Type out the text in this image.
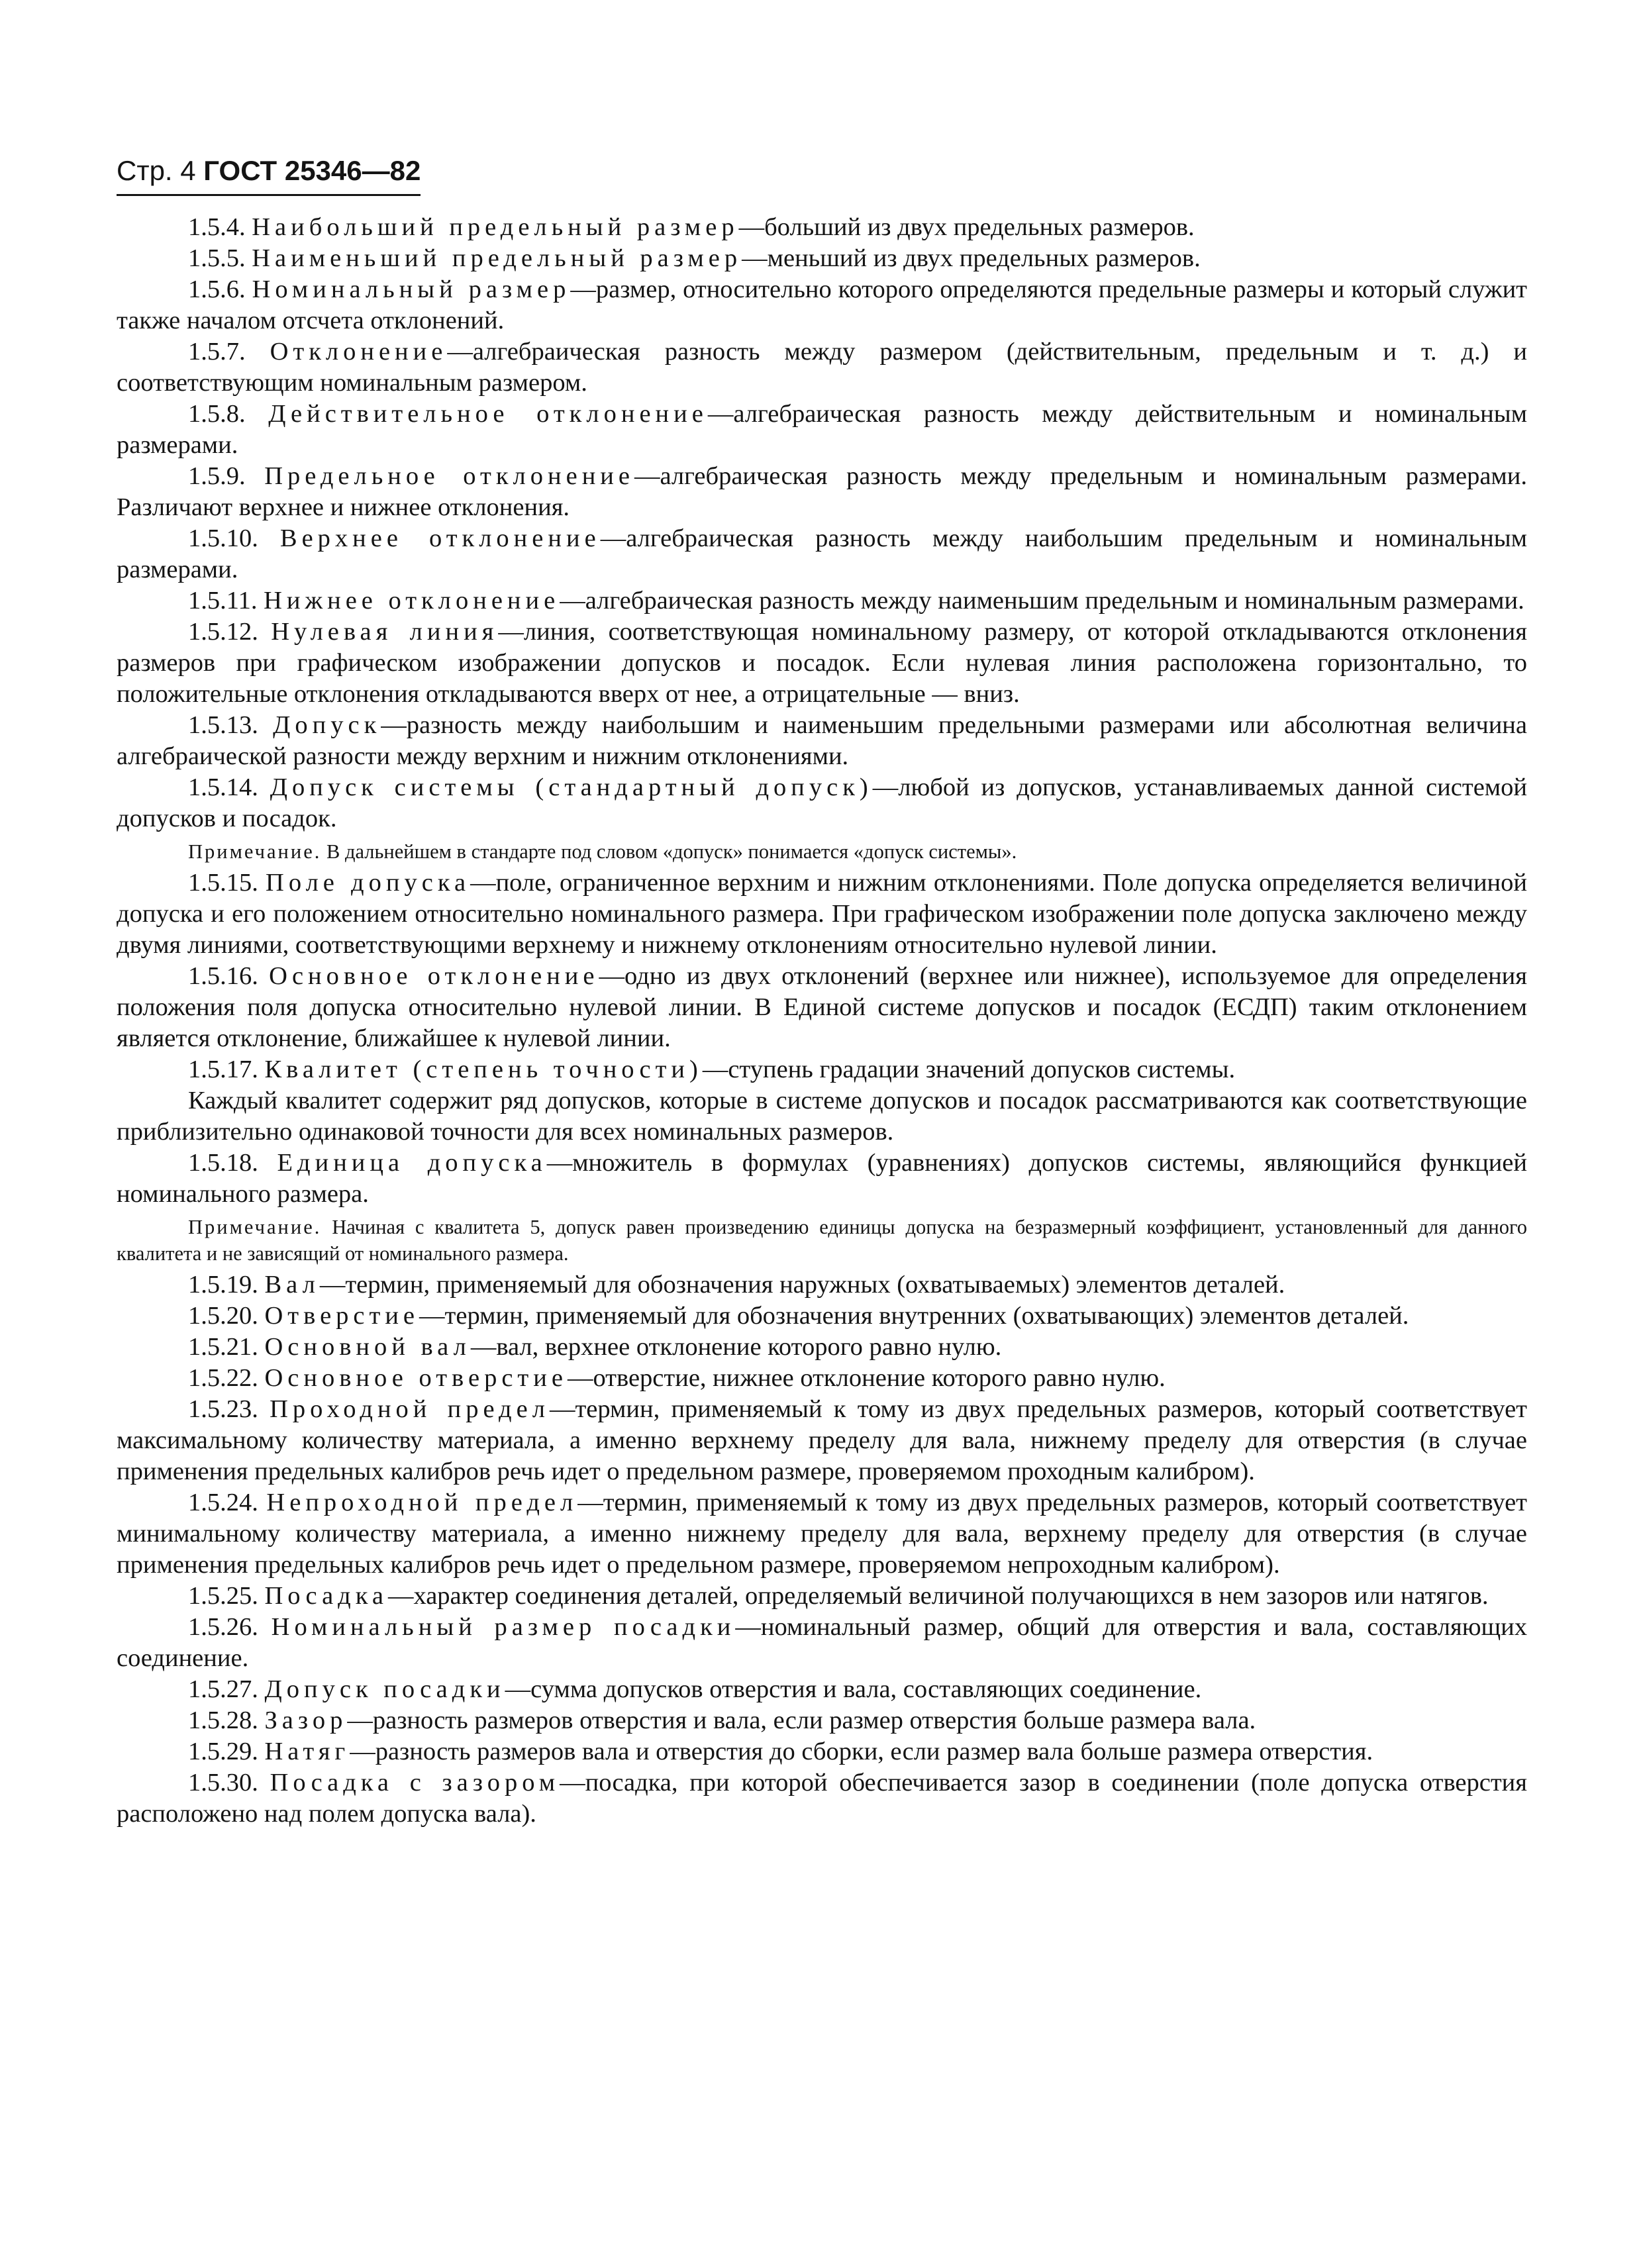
Стр. 4 ГОСТ 25346—82

1.5.4. Наибольший предельный размер—больший из двух предельных размеров.

1.5.5. Наименьший предельный размер—меньший из двух предельных размеров.

1.5.6. Номинальный размер—размер, относительно которого определяются предельные размеры и который служит также началом отсчета отклонений.

1.5.7. Отклонение—алгебраическая разность между размером (действительным, предельным и т. д.) и соответствующим номинальным размером.

1.5.8. Действительное отклонение—алгебраическая разность между действительным и номинальным размерами.

1.5.9. Предельное отклонение—алгебраическая разность между предельным и номинальным размерами. Различают верхнее и нижнее отклонения.

1.5.10. Верхнее отклонение—алгебраическая разность между наибольшим предельным и номинальным размерами.

1.5.11. Нижнее отклонение—алгебраическая разность между наименьшим предельным и номинальным размерами.

1.5.12. Нулевая линия—линия, соответствующая номинальному размеру, от которой откладываются отклонения размеров при графическом изображении допусков и посадок. Если нулевая линия расположена горизонтально, то положительные отклонения откладываются вверх от нее, а отрицательные — вниз.

1.5.13. Допуск—разность между наибольшим и наименьшим предельными размерами или абсолютная величина алгебраической разности между верхним и нижним отклонениями.

1.5.14. Допуск системы (стандартный допуск)—любой из допусков, устанавливаемых данной системой допусков и посадок.

Примечание. В дальнейшем в стандарте под словом «допуск» понимается «допуск системы».

1.5.15. Поле допуска—поле, ограниченное верхним и нижним отклонениями. Поле допуска определяется величиной допуска и его положением относительно номинального размера. При графическом изображении поле допуска заключено между двумя линиями, соответствующими верхнему и нижнему отклонениям относительно нулевой линии.

1.5.16. Основное отклонение—одно из двух отклонений (верхнее или нижнее), используемое для определения положения поля допуска относительно нулевой линии. В Единой системе допусков и посадок (ЕСДП) таким отклонением является отклонение, ближайшее к нулевой линии.

1.5.17. Квалитет (степень точности)—ступень градации значений допусков системы.

Каждый квалитет содержит ряд допусков, которые в системе допусков и посадок рассматриваются как соответствующие приблизительно одинаковой точности для всех номинальных размеров.

1.5.18. Единица допуска—множитель в формулах (уравнениях) допусков системы, являющийся функцией номинального размера.

Примечание. Начиная с квалитета 5, допуск равен произведению единицы допуска на безразмерный коэффициент, установленный для данного квалитета и не зависящий от номинального размера.

1.5.19. Вал—термин, применяемый для обозначения наружных (охватываемых) элементов деталей.

1.5.20. Отверстие—термин, применяемый для обозначения внутренних (охватывающих) элементов деталей.

1.5.21. Основной вал—вал, верхнее отклонение которого равно нулю.

1.5.22. Основное отверстие—отверстие, нижнее отклонение которого равно нулю.

1.5.23. Проходной предел—термин, применяемый к тому из двух предельных размеров, который соответствует максимальному количеству материала, а именно верхнему пределу для вала, нижнему пределу для отверстия (в случае применения предельных калибров речь идет о предельном размере, проверяемом проходным калибром).

1.5.24. Непроходной предел—термин, применяемый к тому из двух предельных размеров, который соответствует минимальному количеству материала, а именно нижнему пределу для вала, верхнему пределу для отверстия (в случае применения предельных калибров речь идет о предельном размере, проверяемом непроходным калибром).

1.5.25. Посадка—характер соединения деталей, определяемый величиной получающихся в нем зазоров или натягов.

1.5.26. Номинальный размер посадки—номинальный размер, общий для отверстия и вала, составляющих соединение.

1.5.27. Допуск посадки—сумма допусков отверстия и вала, составляющих соединение.

1.5.28. Зазор—разность размеров отверстия и вала, если размер отверстия больше размера вала.

1.5.29. Натяг—разность размеров вала и отверстия до сборки, если размер вала больше размера отверстия.

1.5.30. Посадка с зазором—посадка, при которой обеспечивается зазор в соединении (поле допуска отверстия расположено над полем допуска вала).
